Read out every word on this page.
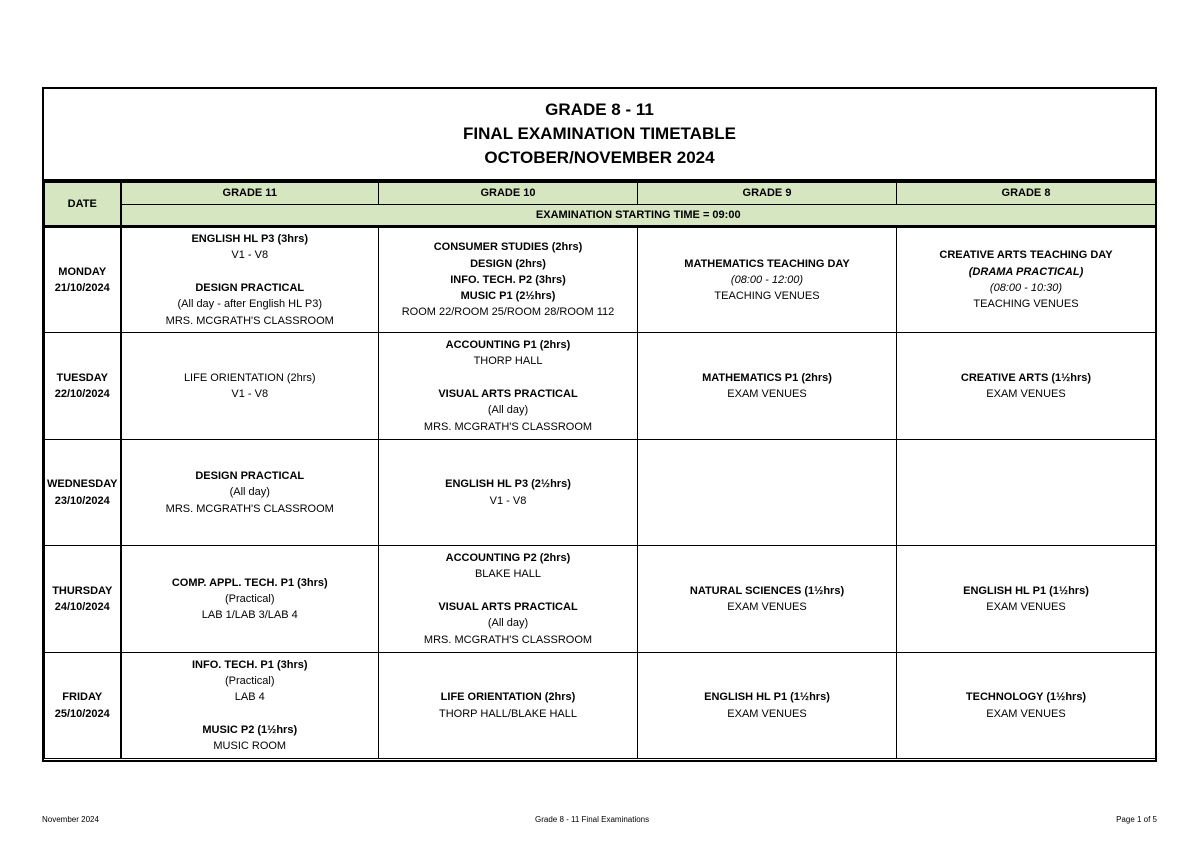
GRADE 8 - 11
FINAL EXAMINATION TIMETABLE
OCTOBER/NOVEMBER 2024
DATE	GRADE 11	GRADE 10	GRADE 9	GRADE 8
	EXAMINATION STARTING TIME = 09:00			

MONDAY
21/10/2024	ENGLISH HL P3 (3hrs)
V1 - V8
DESIGN PRACTICAL
(All day - after English HL P3)
MRS. MCGRATH'S CLASSROOM	CONSUMER STUDIES (2hrs)
DESIGN (2hrs)
INFO. TECH. P2 (3hrs)
MUSIC P1 (2½hrs)
ROOM 22/ROOM 25/ROOM 28/ROOM 112	MATHEMATICS TEACHING DAY
(08:00 - 12:00)
TEACHING VENUES	CREATIVE ARTS TEACHING DAY
(DRAMA PRACTICAL)
(08:00 - 10:30)
TEACHING VENUES

TUESDAY
22/10/2024	LIFE ORIENTATION (2hrs)
V1 - V8	ACCOUNTING P1 (2hrs)
THORP HALL
VISUAL ARTS PRACTICAL
(All day)
MRS. MCGRATH'S CLASSROOM	MATHEMATICS P1 (2hrs)
EXAM VENUES	CREATIVE ARTS (1½hrs)
EXAM VENUES

WEDNESDAY
23/10/2024	DESIGN PRACTICAL
(All day)
MRS. MCGRATH'S CLASSROOM	ENGLISH HL P3 (2½hrs)
V1 - V8		

THURSDAY
24/10/2024	COMP. APPL. TECH. P1 (3hrs)
(Practical)
LAB 1/LAB 3/LAB 4	ACCOUNTING P2 (2hrs)
BLAKE HALL
VISUAL ARTS PRACTICAL
(All day)
MRS. MCGRATH'S CLASSROOM	NATURAL SCIENCES (1½hrs)
EXAM VENUES	ENGLISH HL P1 (1½hrs)
EXAM VENUES

FRIDAY
25/10/2024	INFO. TECH. P1 (3hrs)
(Practical)
LAB 4
MUSIC P2 (1½hrs)
MUSIC ROOM	LIFE ORIENTATION (2hrs)
THORP HALL/BLAKE HALL	ENGLISH HL P1 (1½hrs)
EXAM VENUES	TECHNOLOGY (1½hrs)
EXAM VENUES
November 2024	Grade 8 - 11 Final Examinations	Page 1 of 5
